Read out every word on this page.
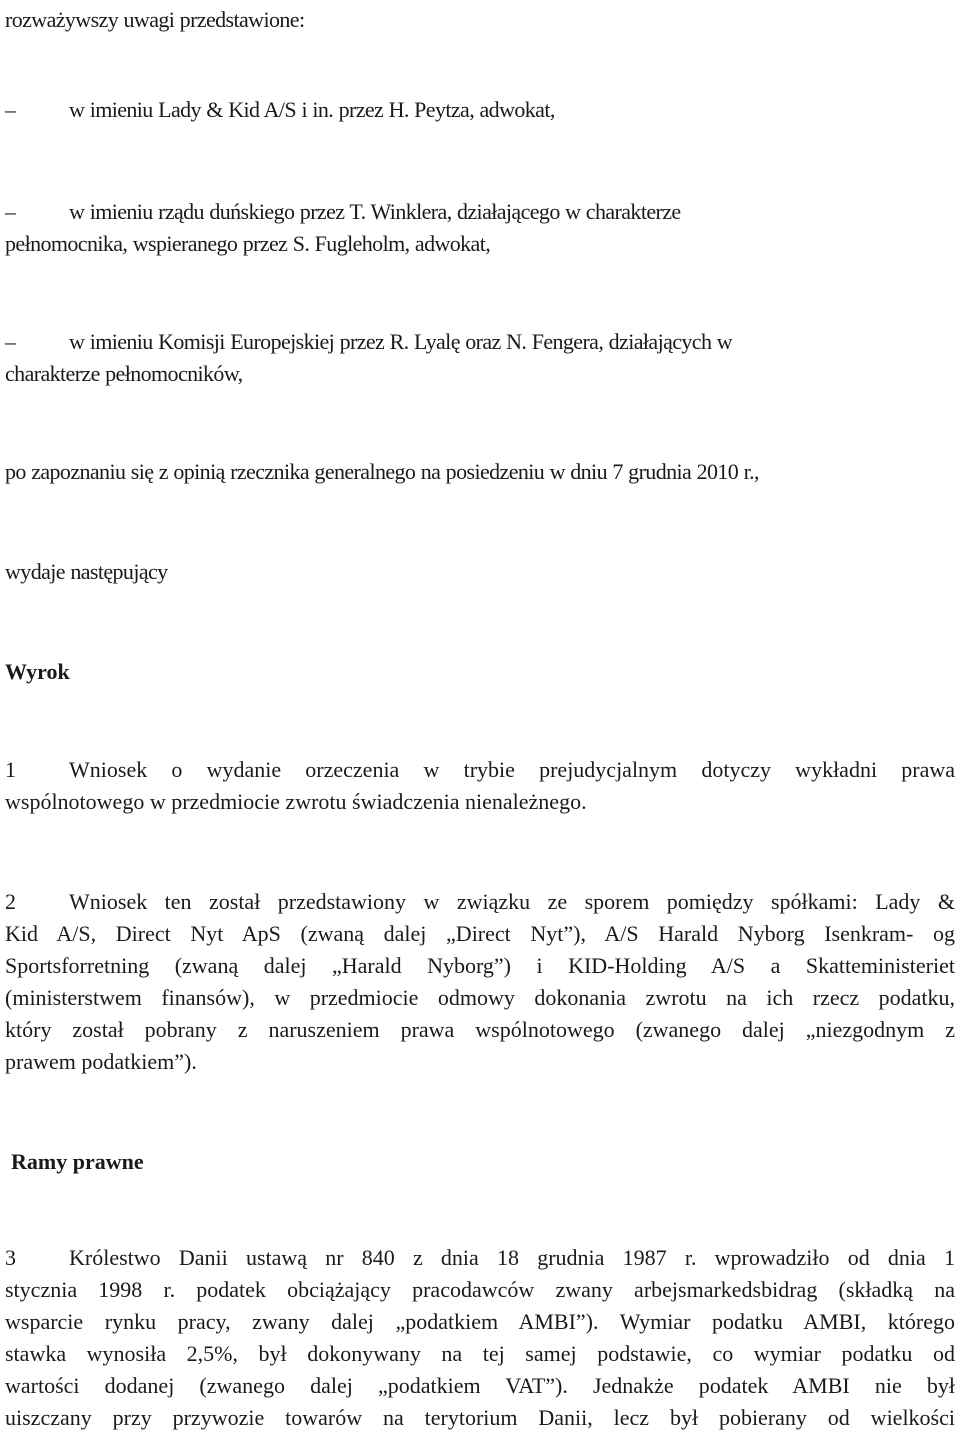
rozważywszy uwagi przedstawione:
– w imieniu Lady & Kid A/S i in. przez H. Peytza, adwokat,
– w imieniu rządu duńskiego przez T. Winklera, działającego w charakterze
pełnomocnika, wspieranego przez S. Fugleholm, adwokat,
– w imieniu Komisji Europejskiej przez R. Lyalę oraz N. Fengera, działających w
charakterze pełnomocników,
po zapoznaniu się z opinią rzecznika generalnego na posiedzeniu w dniu 7 grudnia 2010 r.,
wydaje następujący
Wyrok
1 Wniosek o wydanie orzeczenia w trybie prejudycjalnym dotyczy wykładni prawa
wspólnotowego w przedmiocie zwrotu świadczenia nienależnego.
2 Wniosek ten został przedstawiony w związku ze sporem pomiędzy spółkami: Lady &
Kid A/S, Direct Nyt ApS (zwaną dalej „Direct Nyt”), A/S Harald Nyborg Isenkram- og
Sportsforretning (zwaną dalej „Harald Nyborg”) i KID-Holding A/S a Skatteministeriet
(ministerstwem finansów), w przedmiocie odmowy dokonania zwrotu na ich rzecz podatku,
który został pobrany z naruszeniem prawa wspólnotowego (zwanego dalej „niezgodnym z
prawem podatkiem”).
Ramy prawne
3 Królestwo Danii ustawą nr 840 z dnia 18 grudnia 1987 r. wprowadziło od dnia 1
stycznia 1998 r. podatek obciążający pracodawców zwany arbejsmarkedsbidrag (składką na
wsparcie rynku pracy, zwany dalej „podatkiem AMBI”). Wymiar podatku AMBI, którego
stawka wynosiła 2,5%, był dokonywany na tej samej podstawie, co wymiar podatku od
wartości dodanej (zwanego dalej „podatkiem VAT”). Jednakże podatek AMBI nie był
uiszczany przy przywozie towarów na terytorium Danii, lecz był pobierany od wielkości
